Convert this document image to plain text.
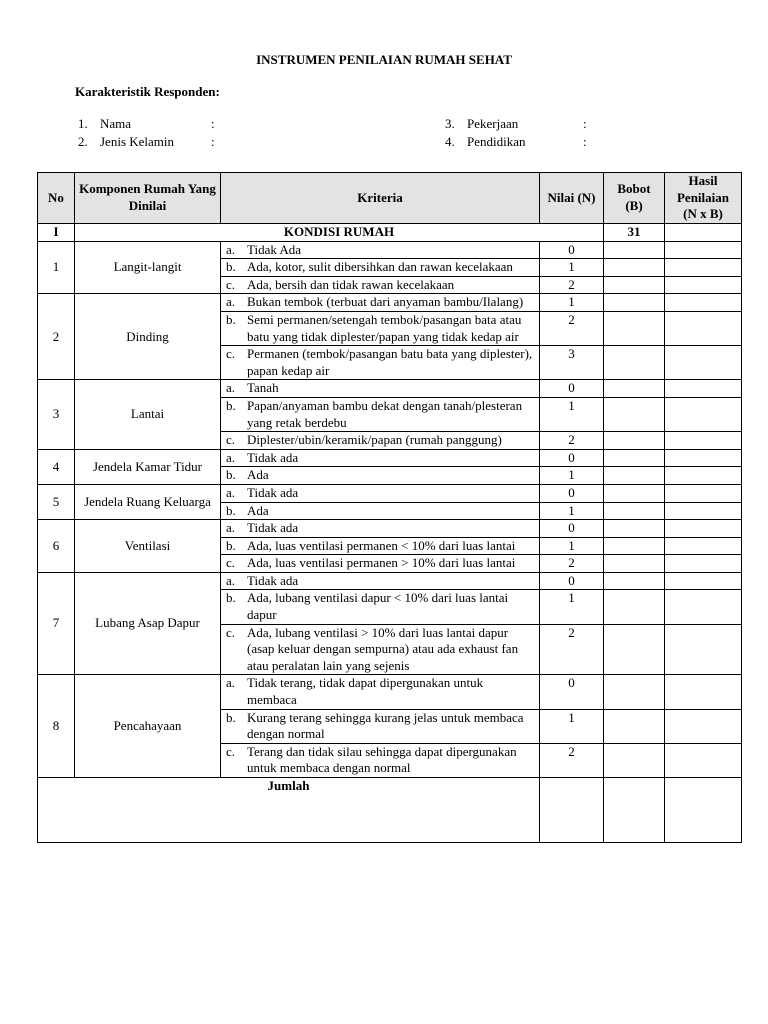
INSTRUMEN PENILAIAN RUMAH SEHAT
Karakteristik Responden:
1. Nama	:
2. Jenis Kelamin	:
3. Pekerjaan	:
4. Pendidikan	:
No	Komponen Rumah Yang Dinilai	Kriteria	Nilai (N)	Bobot (B)	Hasil Penilaian (N x B)
I	KONDISI RUMAH			31	
1	Langit-langit	a. Tidak Ada	0		
		b. Ada, kotor, sulit dibersihkan dan rawan kecelakaan	1		
		c. Ada, bersih dan tidak rawan kecelakaan	2		
2	Dinding	a. Bukan tembok (terbuat dari anyaman bambu/Ilalang)	1		
		b. Semi permanen/setengah tembok/pasangan bata atau batu yang tidak diplester/papan yang tidak kedap air	2		
		c. Permanen (tembok/pasangan batu bata yang diplester), papan kedap air	3		
3	Lantai	a. Tanah	0		
		b. Papan/anyaman bambu dekat dengan tanah/plesteran yang retak berdebu	1		
		c. Diplester/ubin/keramik/papan (rumah panggung)	2		
4	Jendela Kamar Tidur	a. Tidak ada	0		
		b. Ada	1		
5	Jendela Ruang Keluarga	a. Tidak ada	0		
		b. Ada	1		
6	Ventilasi	a. Tidak ada	0		
		b. Ada, luas ventilasi permanen < 10% dari luas lantai	1		
		c. Ada, luas ventilasi permanen > 10% dari luas lantai	2		
7	Lubang Asap Dapur	a. Tidak ada	0		
		b. Ada, lubang ventilasi dapur < 10% dari luas lantai dapur	1		
		c. Ada, lubang ventilasi > 10% dari luas lantai dapur (asap keluar dengan sempurna) atau ada exhaust fan atau peralatan lain yang sejenis	2		
8	Pencahayaan	a. Tidak terang, tidak dapat dipergunakan untuk membaca	0		
		b. Kurang terang sehingga kurang jelas untuk membaca dengan normal	1		
		c. Terang dan tidak silau sehingga dapat dipergunakan untuk membaca dengan normal	2		
Jumlah					
